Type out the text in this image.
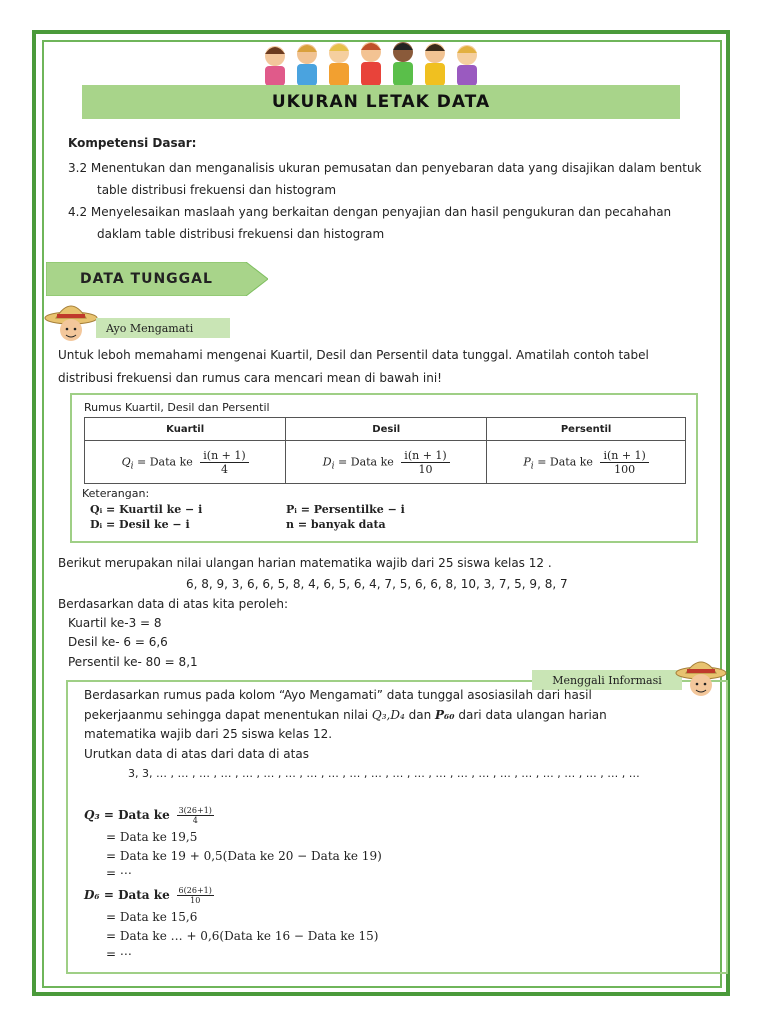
UKURAN LETAK DATA
Kompetensi Dasar:
3.2 Menentukan dan menganalisis ukuran pemusatan dan penyebaran data yang disajikan dalam bentuk
table distribusi frekuensi dan histogram
4.2 Menyelesaikan maslaah yang berkaitan dengan penyajian dan hasil pengukuran dan pecahahan
daklam table distribusi frekuensi dan histogram
DATA TUNGGAL
Ayo Mengamati
Untuk leboh memahami mengenai Kuartil, Desil dan Persentil data tunggal. Amatilah contoh tabel
distribusi frekuensi dan rumus cara mencari mean di bawah ini!
Rumus Kuartil, Desil dan Persentil
Kuartil	Desil	Persentil
$Q_i$ = Data ke $\frac{i(n + 1)}{4}$	$D_i$ = Data ke $\frac{i(n + 1)}{10}$	$P_i$ = Data ke $\frac{i(n + 1)}{100}$
Keterangan:
Qᵢ = Kuartil ke − i
Dᵢ = Desil ke − i
Pᵢ = Persentilke − i
n = banyak data
Berikut merupakan nilai ulangan harian matematika wajib dari 25 siswa kelas 12 .
6, 8, 9, 3, 6, 6, 5, 8, 4, 6, 5, 6, 4, 7, 5, 6, 6, 8, 10, 3, 7, 5, 9, 8, 7
Berdasarkan data di atas kita peroleh:
Kuartil ke-3 = 8
Desil ke- 6 = 6,6
Persentil ke- 80 = 8,1
Menggali Informasi
Berdasarkan rumus pada kolom “Ayo Mengamati” data tunggal asosiasilah dari hasil
pekerjaanmu sehingga dapat menentukan nilai Q₃,D₄ dan P₆₀ dari data ulangan harian
matematika wajib dari 25 siswa kelas 12.
Urutkan data di atas dari data di atas
3, 3, … , … , … , … , … , … , … , … , … , … , … , … , … , … , … , … , … , … , … , … , … , … , …
Q₃ = Data ke $\frac{3(26+1)}{4}$
= Data ke 19,5
= Data ke 19 + 0,5(Data ke 20 − Data ke 19)
= ⋯
D₆ = Data ke $\frac{6(26+1)}{10}$
= Data ke 15,6
= Data ke … + 0,6(Data ke 16 − Data ke 15)
= ⋯
